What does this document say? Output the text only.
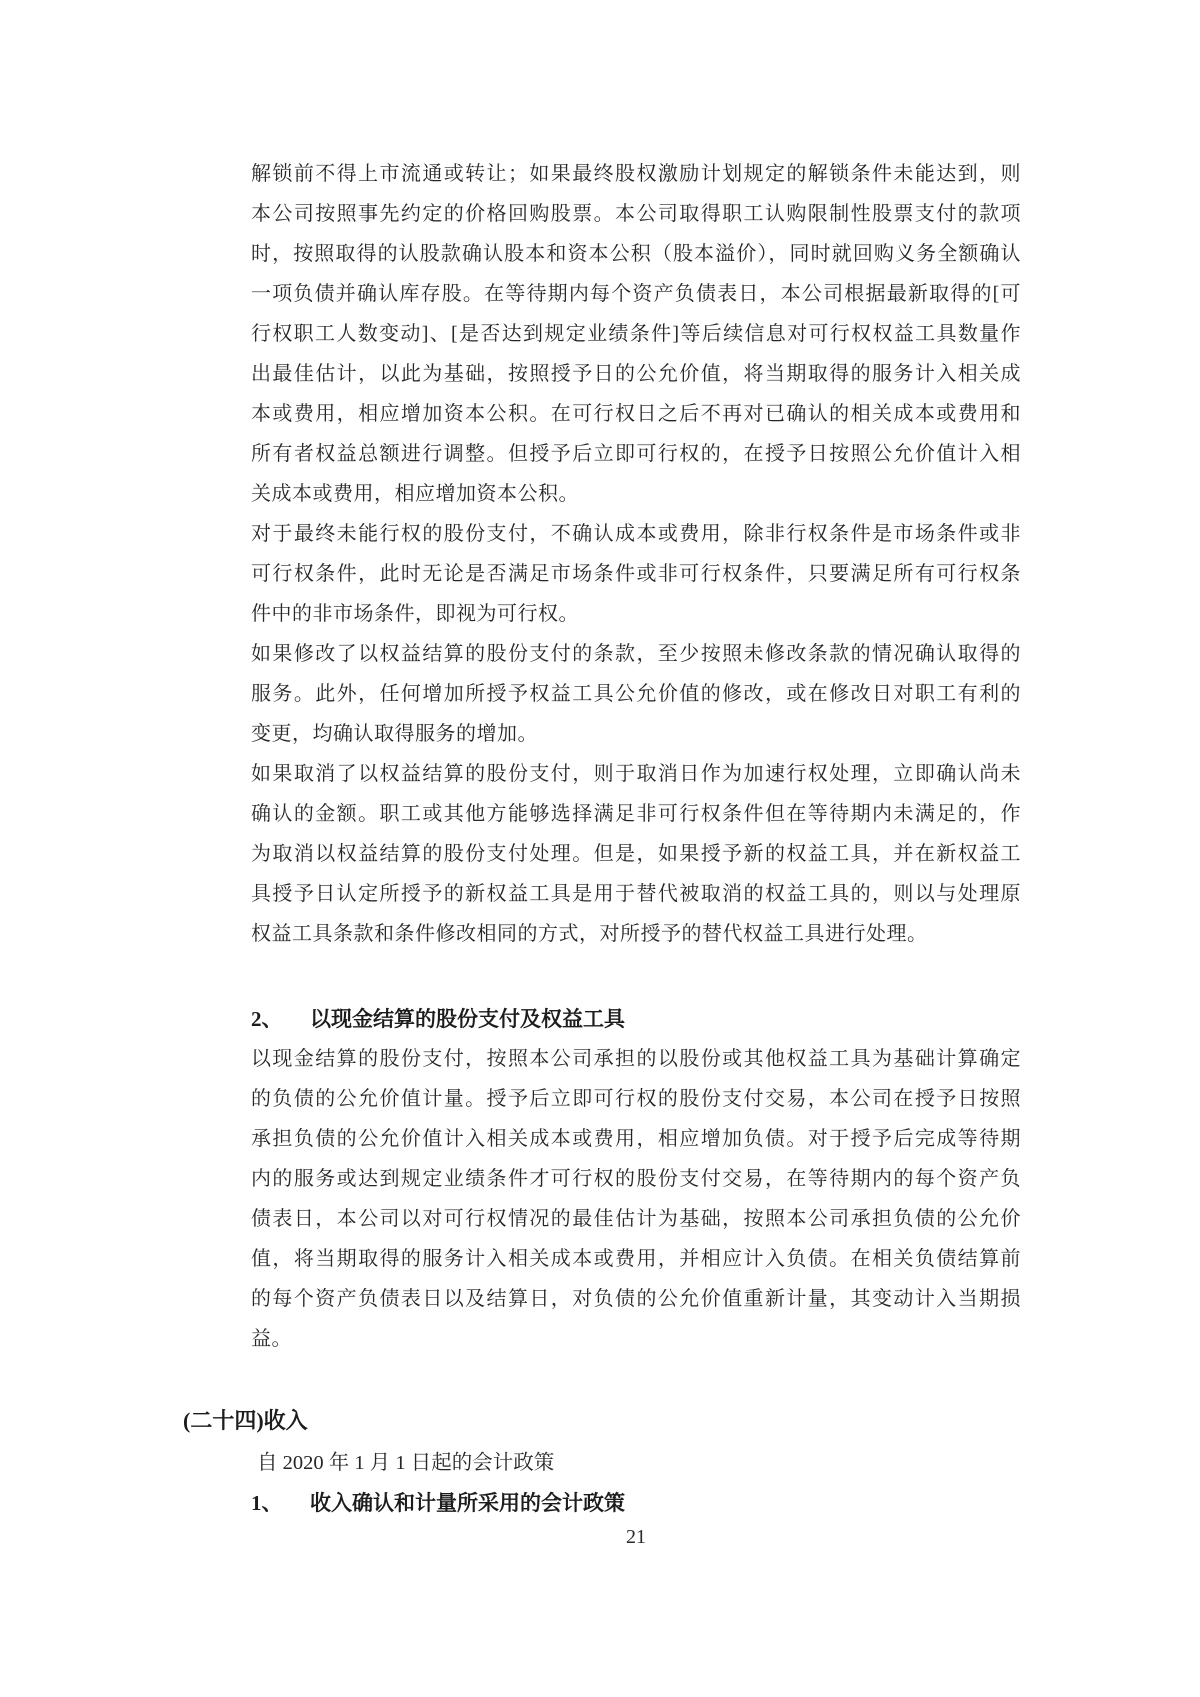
解锁前不得上市流通或转让；如果最终股权激励计划规定的解锁条件未能达到，则
本公司按照事先约定的价格回购股票。本公司取得职工认购限制性股票支付的款项
时，按照取得的认股款确认股本和资本公积（股本溢价），同时就回购义务全额确认
一项负债并确认库存股。在等待期内每个资产负债表日，本公司根据最新取得的[可
行权职工人数变动]、[是否达到规定业绩条件]等后续信息对可行权权益工具数量作
出最佳估计，以此为基础，按照授予日的公允价值，将当期取得的服务计入相关成
本或费用，相应增加资本公积。在可行权日之后不再对已确认的相关成本或费用和
所有者权益总额进行调整。但授予后立即可行权的，在授予日按照公允价值计入相
关成本或费用，相应增加资本公积。
对于最终未能行权的股份支付，不确认成本或费用，除非行权条件是市场条件或非
可行权条件，此时无论是否满足市场条件或非可行权条件，只要满足所有可行权条
件中的非市场条件，即视为可行权。
如果修改了以权益结算的股份支付的条款，至少按照未修改条款的情况确认取得的
服务。此外，任何增加所授予权益工具公允价值的修改，或在修改日对职工有利的
变更，均确认取得服务的增加。
如果取消了以权益结算的股份支付，则于取消日作为加速行权处理，立即确认尚未
确认的金额。职工或其他方能够选择满足非可行权条件但在等待期内未满足的，作
为取消以权益结算的股份支付处理。但是，如果授予新的权益工具，并在新权益工
具授予日认定所授予的新权益工具是用于替代被取消的权益工具的，则以与处理原
权益工具条款和条件修改相同的方式，对所授予的替代权益工具进行处理。
2、 以现金结算的股份支付及权益工具
以现金结算的股份支付，按照本公司承担的以股份或其他权益工具为基础计算确定
的负债的公允价值计量。授予后立即可行权的股份支付交易，本公司在授予日按照
承担负债的公允价值计入相关成本或费用，相应增加负债。对于授予后完成等待期
内的服务或达到规定业绩条件才可行权的股份支付交易，在等待期内的每个资产负
债表日，本公司以对可行权情况的最佳估计为基础，按照本公司承担负债的公允价
值，将当期取得的服务计入相关成本或费用，并相应计入负债。在相关负债结算前
的每个资产负债表日以及结算日，对负债的公允价值重新计量，其变动计入当期损
益。
(二十四)收入
自 2020 年 1 月 1 日起的会计政策
1、 收入确认和计量所采用的会计政策
21
